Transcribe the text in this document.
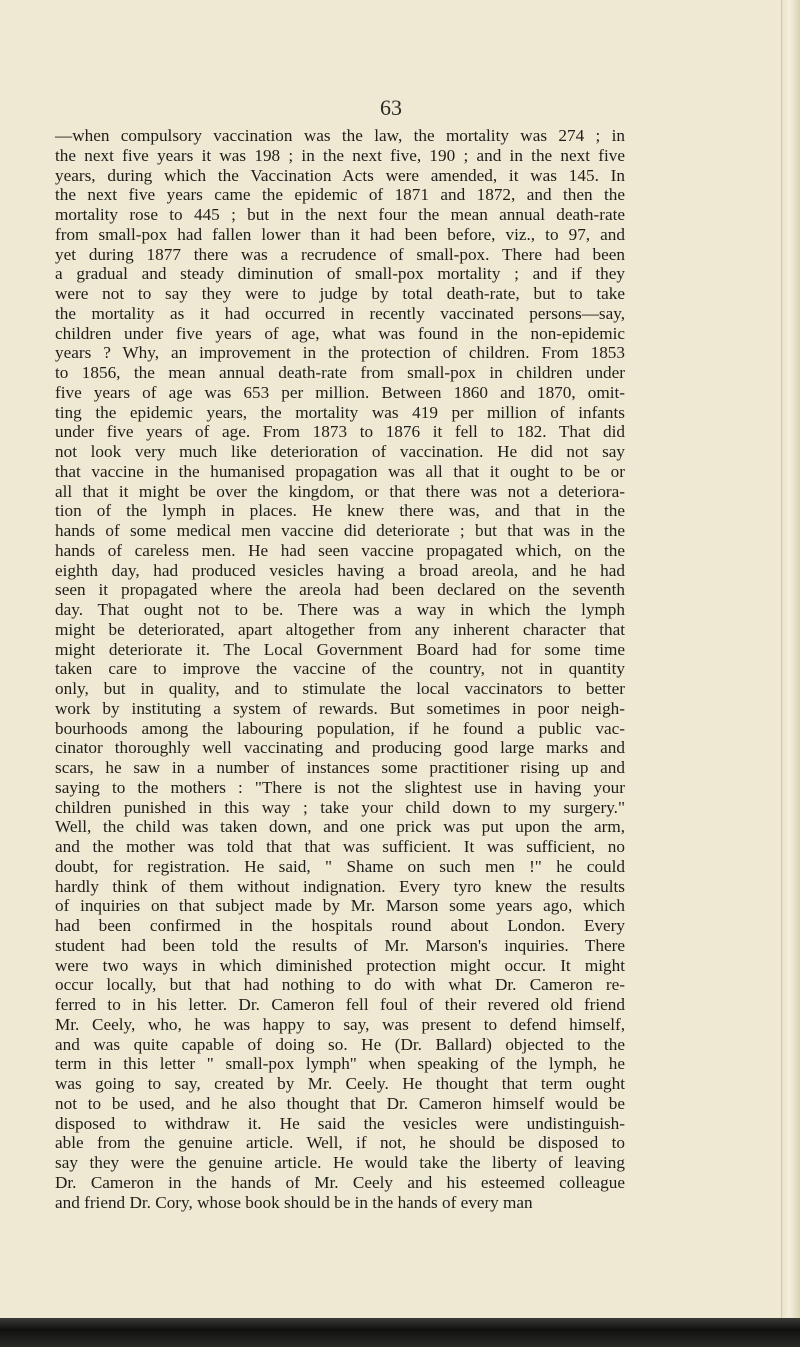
63
—when compulsory vaccination was the law, the mortality was 274 ; in
the next five years it was 198 ; in the next five, 190 ; and in the next five
years, during which the Vaccination Acts were amended, it was 145. In
the next five years came the epidemic of 1871 and 1872, and then the
mortality rose to 445 ; but in the next four the mean annual death-rate
from small-pox had fallen lower than it had been before, viz., to 97, and
yet during 1877 there was a recrudence of small-pox. There had been
a gradual and steady diminution of small-pox mortality ; and if they
were not to say they were to judge by total death-rate, but to take
the mortality as it had occurred in recently vaccinated persons—say,
children under five years of age, what was found in the non-epidemic
years ? Why, an improvement in the protection of children. From 1853
to 1856, the mean annual death-rate from small-pox in children under
five years of age was 653 per million. Between 1860 and 1870, omit-
ting the epidemic years, the mortality was 419 per million of infants
under five years of age. From 1873 to 1876 it fell to 182. That did
not look very much like deterioration of vaccination. He did not say
that vaccine in the humanised propagation was all that it ought to be or
all that it might be over the kingdom, or that there was not a deteriora-
tion of the lymph in places. He knew there was, and that in the
hands of some medical men vaccine did deteriorate ; but that was in the
hands of careless men. He had seen vaccine propagated which, on the
eighth day, had produced vesicles having a broad areola, and he had
seen it propagated where the areola had been declared on the seventh
day. That ought not to be. There was a way in which the lymph
might be deteriorated, apart altogether from any inherent character that
might deteriorate it. The Local Government Board had for some time
taken care to improve the vaccine of the country, not in quantity
only, but in quality, and to stimulate the local vaccinators to better
work by instituting a system of rewards. But sometimes in poor neigh-
bourhoods among the labouring population, if he found a public vac-
cinator thoroughly well vaccinating and producing good large marks and
scars, he saw in a number of instances some practitioner rising up and
saying to the mothers : "There is not the slightest use in having your
children punished in this way ; take your child down to my surgery."
Well, the child was taken down, and one prick was put upon the arm,
and the mother was told that that was sufficient. It was sufficient, no
doubt, for registration. He said, " Shame on such men !" he could
hardly think of them without indignation. Every tyro knew the results
of inquiries on that subject made by Mr. Marson some years ago, which
had been confirmed in the hospitals round about London. Every
student had been told the results of Mr. Marson's inquiries. There
were two ways in which diminished protection might occur. It might
occur locally, but that had nothing to do with what Dr. Cameron re-
ferred to in his letter. Dr. Cameron fell foul of their revered old friend
Mr. Ceely, who, he was happy to say, was present to defend himself,
and was quite capable of doing so. He (Dr. Ballard) objected to the
term in this letter " small-pox lymph" when speaking of the lymph, he
was going to say, created by Mr. Ceely. He thought that term ought
not to be used, and he also thought that Dr. Cameron himself would be
disposed to withdraw it. He said the vesicles were undistinguish-
able from the genuine article. Well, if not, he should be disposed to
say they were the genuine article. He would take the liberty of leaving
Dr. Cameron in the hands of Mr. Ceely and his esteemed colleague
and friend Dr. Cory, whose book should be in the hands of every man
